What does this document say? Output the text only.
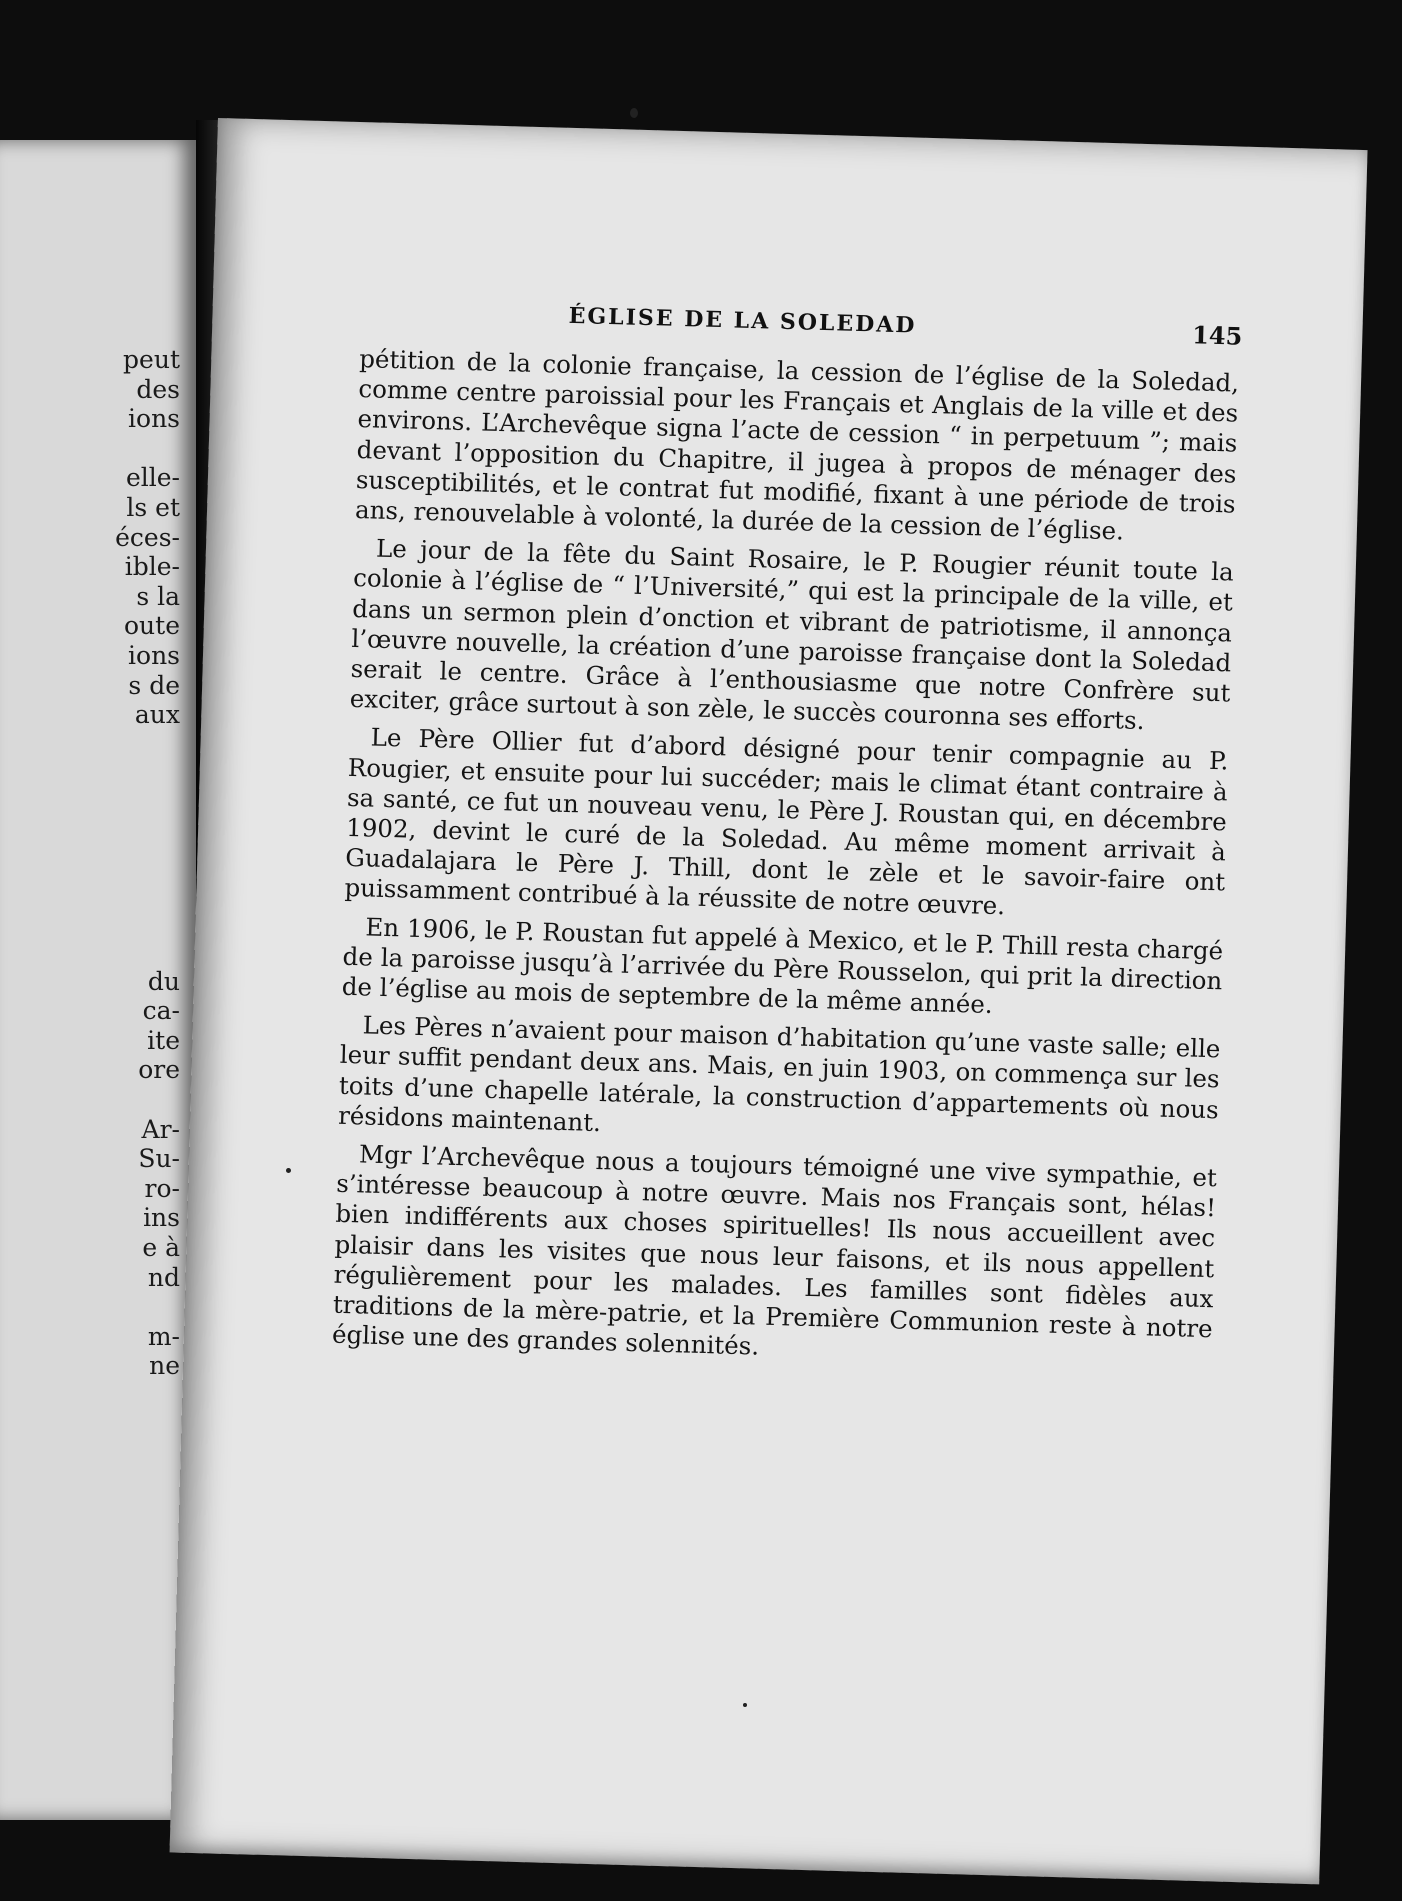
peut
des
ions
elle-
ls et
éces-
ible-
s la
oute
ions
s de
aux
du
ca-
ite
ore
Ar-
Su-
ro-
ins
e à
nd
m-
ne
ÉGLISE DE LA SOLEDAD	145

pétition de la colonie française, la cession de l’église de la Soledad, comme centre paroissial pour les Français et Anglais de la ville et des environs. L’Archevêque signa l’acte de cession “ in perpetuum ”; mais devant l’opposition du Chapitre, il jugea à propos de ménager des susceptibilités, et le contrat fut modifié, fixant à une période de trois ans, renouvelable à volonté, la durée de la cession de l’église.

Le jour de la fête du Saint Rosaire, le P. Rougier réunit toute la colonie à l’église de “ l’Université,” qui est la principale de la ville, et dans un sermon plein d’onction et vibrant de patriotisme, il annonça l’œuvre nouvelle, la création d’une paroisse française dont la Soledad serait le centre. Grâce à l’enthousiasme que notre Confrère sut exciter, grâce surtout à son zèle, le succès couronna ses efforts.

Le Père Ollier fut d’abord désigné pour tenir compagnie au P. Rougier, et ensuite pour lui succéder; mais le climat étant contraire à sa santé, ce fut un nouveau venu, le Père J. Roustan qui, en décembre 1902, devint le curé de la Soledad. Au même moment arrivait à Guadalajara le Père J. Thill, dont le zèle et le savoir-faire ont puissamment contribué à la réussite de notre œuvre.

En 1906, le P. Roustan fut appelé à Mexico, et le P. Thill resta chargé de la paroisse jusqu’à l’arrivée du Père Rousselon, qui prit la direction de l’église au mois de septembre de la même année.

Les Pères n’avaient pour maison d’habitation qu’une vaste salle; elle leur suffit pendant deux ans. Mais, en juin 1903, on commença sur les toits d’une chapelle latérale, la construction d’appartements où nous résidons maintenant.

Mgr l’Archevêque nous a toujours témoigné une vive sympathie, et s’intéresse beaucoup à notre œuvre. Mais nos Français sont, hélas! bien indifférents aux choses spirituelles! Ils nous accueillent avec plaisir dans les visites que nous leur faisons, et ils nous appellent régulièrement pour les malades. Les familles sont fidèles aux traditions de la mère-patrie, et la Première Communion reste à notre église une des grandes solennités.
